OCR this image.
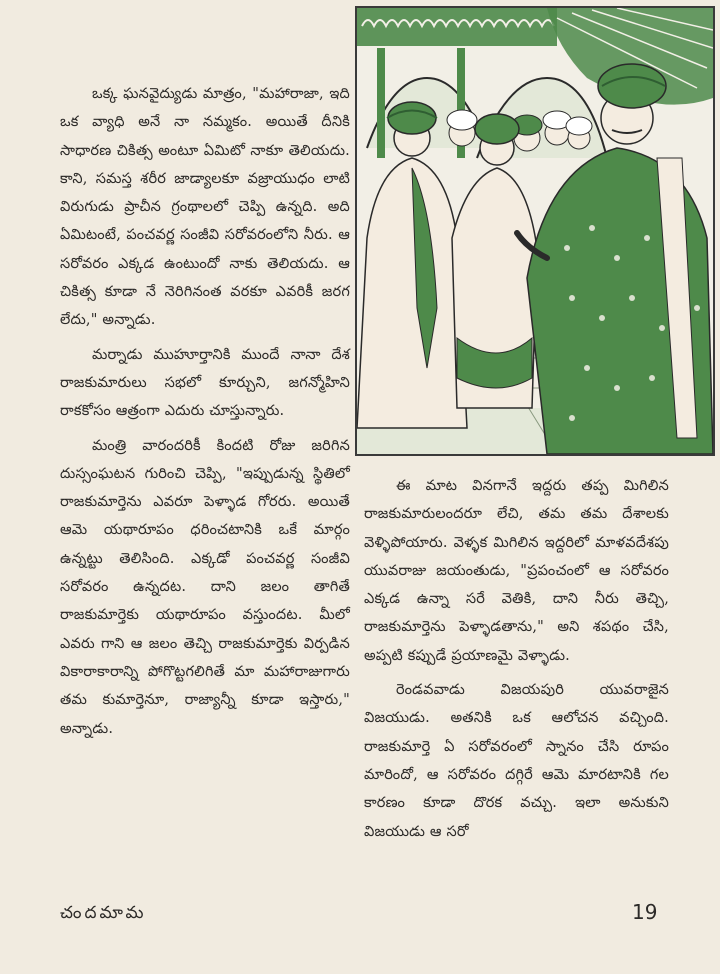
ఒక్క ఘనవైద్యుడు మాత్రం, "మహారాజా, ఇది ఒక వ్యాధి అనే నా నమ్మకం. అయితే దీనికి సాధారణ చికిత్స అంటూ ఏమిటో నాకూ తెలియదు. కాని, సమస్త శరీర జాడ్యాలకూ వజ్రాయుధం లాటి విరుగుడు ప్రాచీన గ్రంథాలలో చెప్పి ఉన్నది. అది ఏమిటంటే, పంచవర్ణ సంజీవి సరోవరంలోని నీరు. ఆ సరోవరం ఎక్కడ ఉంటుందో నాకు తెలియదు. ఆ చికిత్స కూడా నే నెరిగినంత వరకూ ఎవరికీ జరగ లేదు," అన్నాడు.

మర్నాడు ముహూర్తానికి ముందే నానా దేశ రాజకుమారులు సభలో కూర్చుని, జగన్మోహిని రాకకోసం ఆత్రంగా ఎదురు చూస్తున్నారు.

మంత్రి వారందరికీ కిందటి రోజు జరిగిన దుస్సంఘటన గురించి చెప్పి, "ఇప్పుడున్న స్థితిలో రాజకుమార్తెను ఎవరూ పెళ్ళాడ గోరరు. అయితే ఆమె యథారూపం ధరించటానికి ఒకే మార్గం ఉన్నట్టు తెలిసింది. ఎక్కడో పంచవర్ణ సంజీవి సరోవరం ఉన్నదట. దాని జలం తాగితే రాజకుమార్తెకు యథారూపం వస్తుందట. మీలో ఎవరు గాని ఆ జలం తెచ్చి రాజకుమార్తెకు విర్పడిన వికారాకారాన్ని పోగొట్టగలిగితే మా మహారాజుగారు తమ కుమార్తెనూ, రాజ్యాన్నీ కూడా ఇస్తారు," అన్నాడు.

ఈ మాట వినగానే ఇద్దరు తప్ప మిగిలిన రాజకుమారులందరూ లేచి, తమ తమ దేశాలకు వెళ్ళిపోయారు. వెళ్ళక మిగిలిన ఇద్దరిలో మాళవదేశపు యువరాజు జయంతుడు, "ప్రపంచంలో ఆ సరోవరం ఎక్కడ ఉన్నా సరే వెతికి, దాని నీరు తెచ్చి, రాజకుమార్తెను పెళ్ళాడతాను," అని శపథం చేసి, అప్పటి కప్పుడే ప్రయాణమై వెళ్ళాడు.

రెండవవాడు విజయపురి యువరాజైన విజయుడు. అతనికి ఒక ఆలోచన వచ్చింది. రాజకుమార్తె ఏ సరోవరంలో స్నానం చేసి రూపం మారిందో, ఆ సరోవరం దగ్గిరే ఆమె మారటానికి గల కారణం కూడా దొరక వచ్చు. ఇలా అనుకుని విజయుడు ఆ సరో

చందమామ	19
